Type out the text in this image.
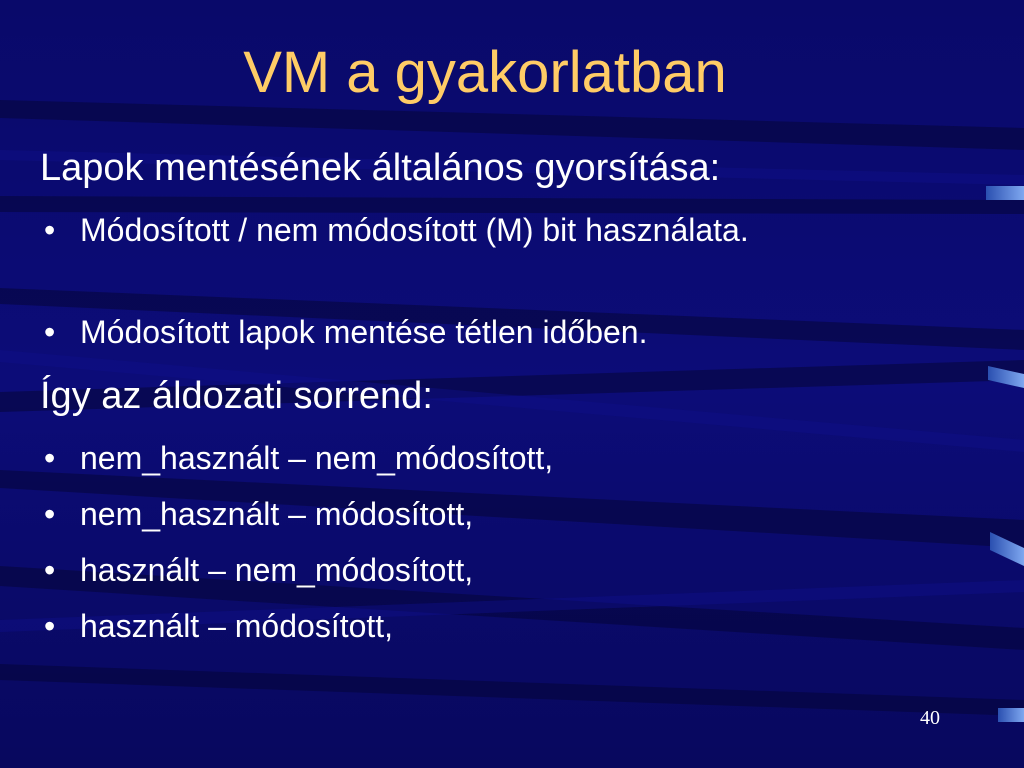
VM a gyakorlatban
Lapok mentésének általános gyorsítása:
• Módosított / nem módosított (M) bit használata.
• Módosított lapok mentése tétlen időben.
Így az áldozati sorrend:
• nem_használt – nem_módosított,
• nem_használt – módosított,
• használt – nem_módosított,
• használt – módosított,
40
